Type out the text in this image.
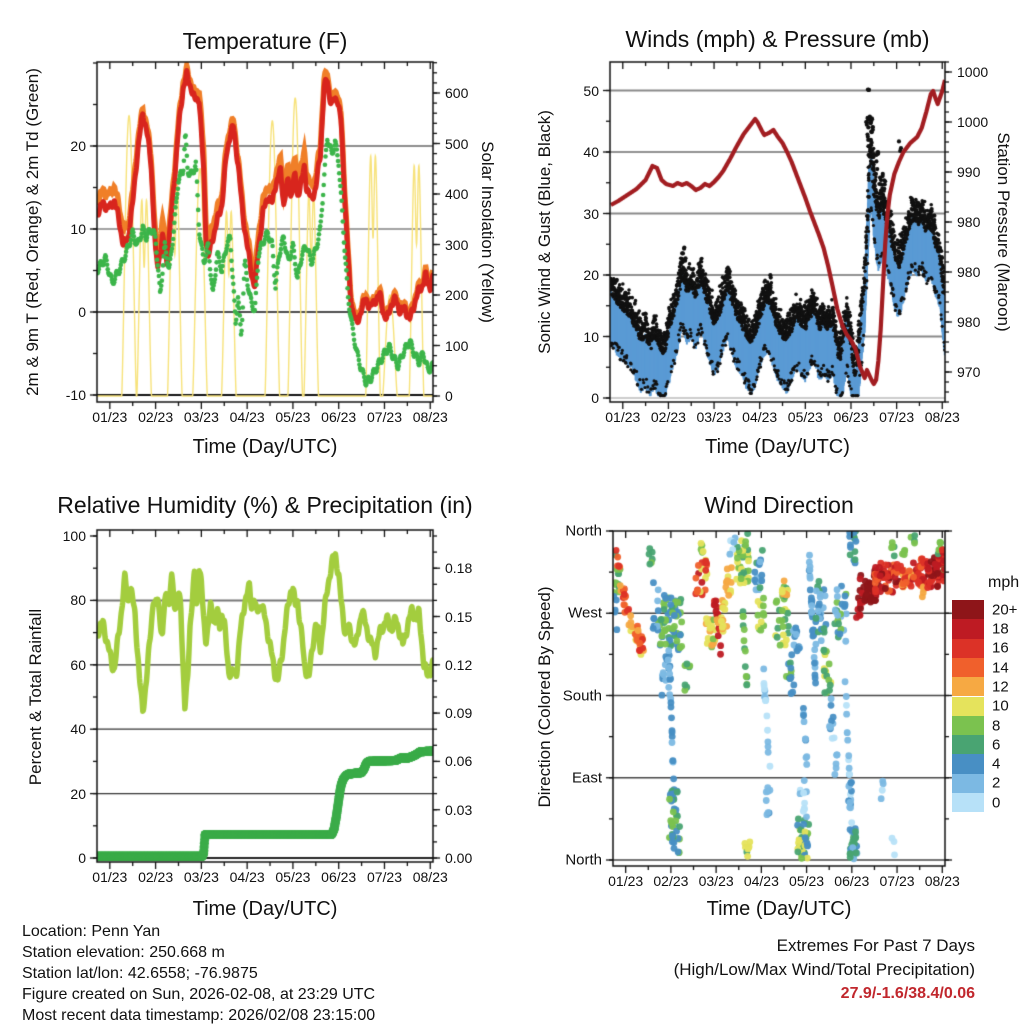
Temperature (F)	Winds (mph) & Pressure (mb)
Relative Humidity (%) & Precipitation (in)	Wind Direction
2m & 9m T (Red, Orange) & 2m Td (Green)	Solar Insolation (Yellow) Sonic Wind & Gust (Blue, Black)	Station Pressure (Maroon)
Percent & Total Rainfall	Direction (Colored By Speed)
Time (Day/UTC)	Time (Day/UTC)
Time (Day/UTC)	Time (Day/UTC)
mph
01/23 02/23 03/23 04/23 05/23 06/23 07/23 08/23
-10
0
10
20
0
100
200
300
400
500
600
01/23 02/23 03/23 04/23 05/23 06/23 07/23 08/23
0
10
20
30
40
50
1000
1000
990
980
980
980
970
01/23 02/23 03/23 04/23 05/23 06/23 07/23 08/23
0
20
40
60
80
100
0.00
0.03
0.06
0.09
0.12
0.15
0.18
01/23 02/23 03/23 04/23 05/23 06/23 07/23 08/23
North
West
South
East
North
20+
18
16
14
12
10
8
6
4
2
0
Location: Penn Yan
Station elevation: 250.668 m
Station lat/lon: 42.6558; -76.9875
Figure created on Sun, 2026-02-08, at 23:29 UTC
Most recent data timestamp: 2026/02/08 23:15:00
Extremes For Past 7 Days
(High/Low/Max Wind/Total Precipitation)
27.9/-1.6/38.4/0.06
